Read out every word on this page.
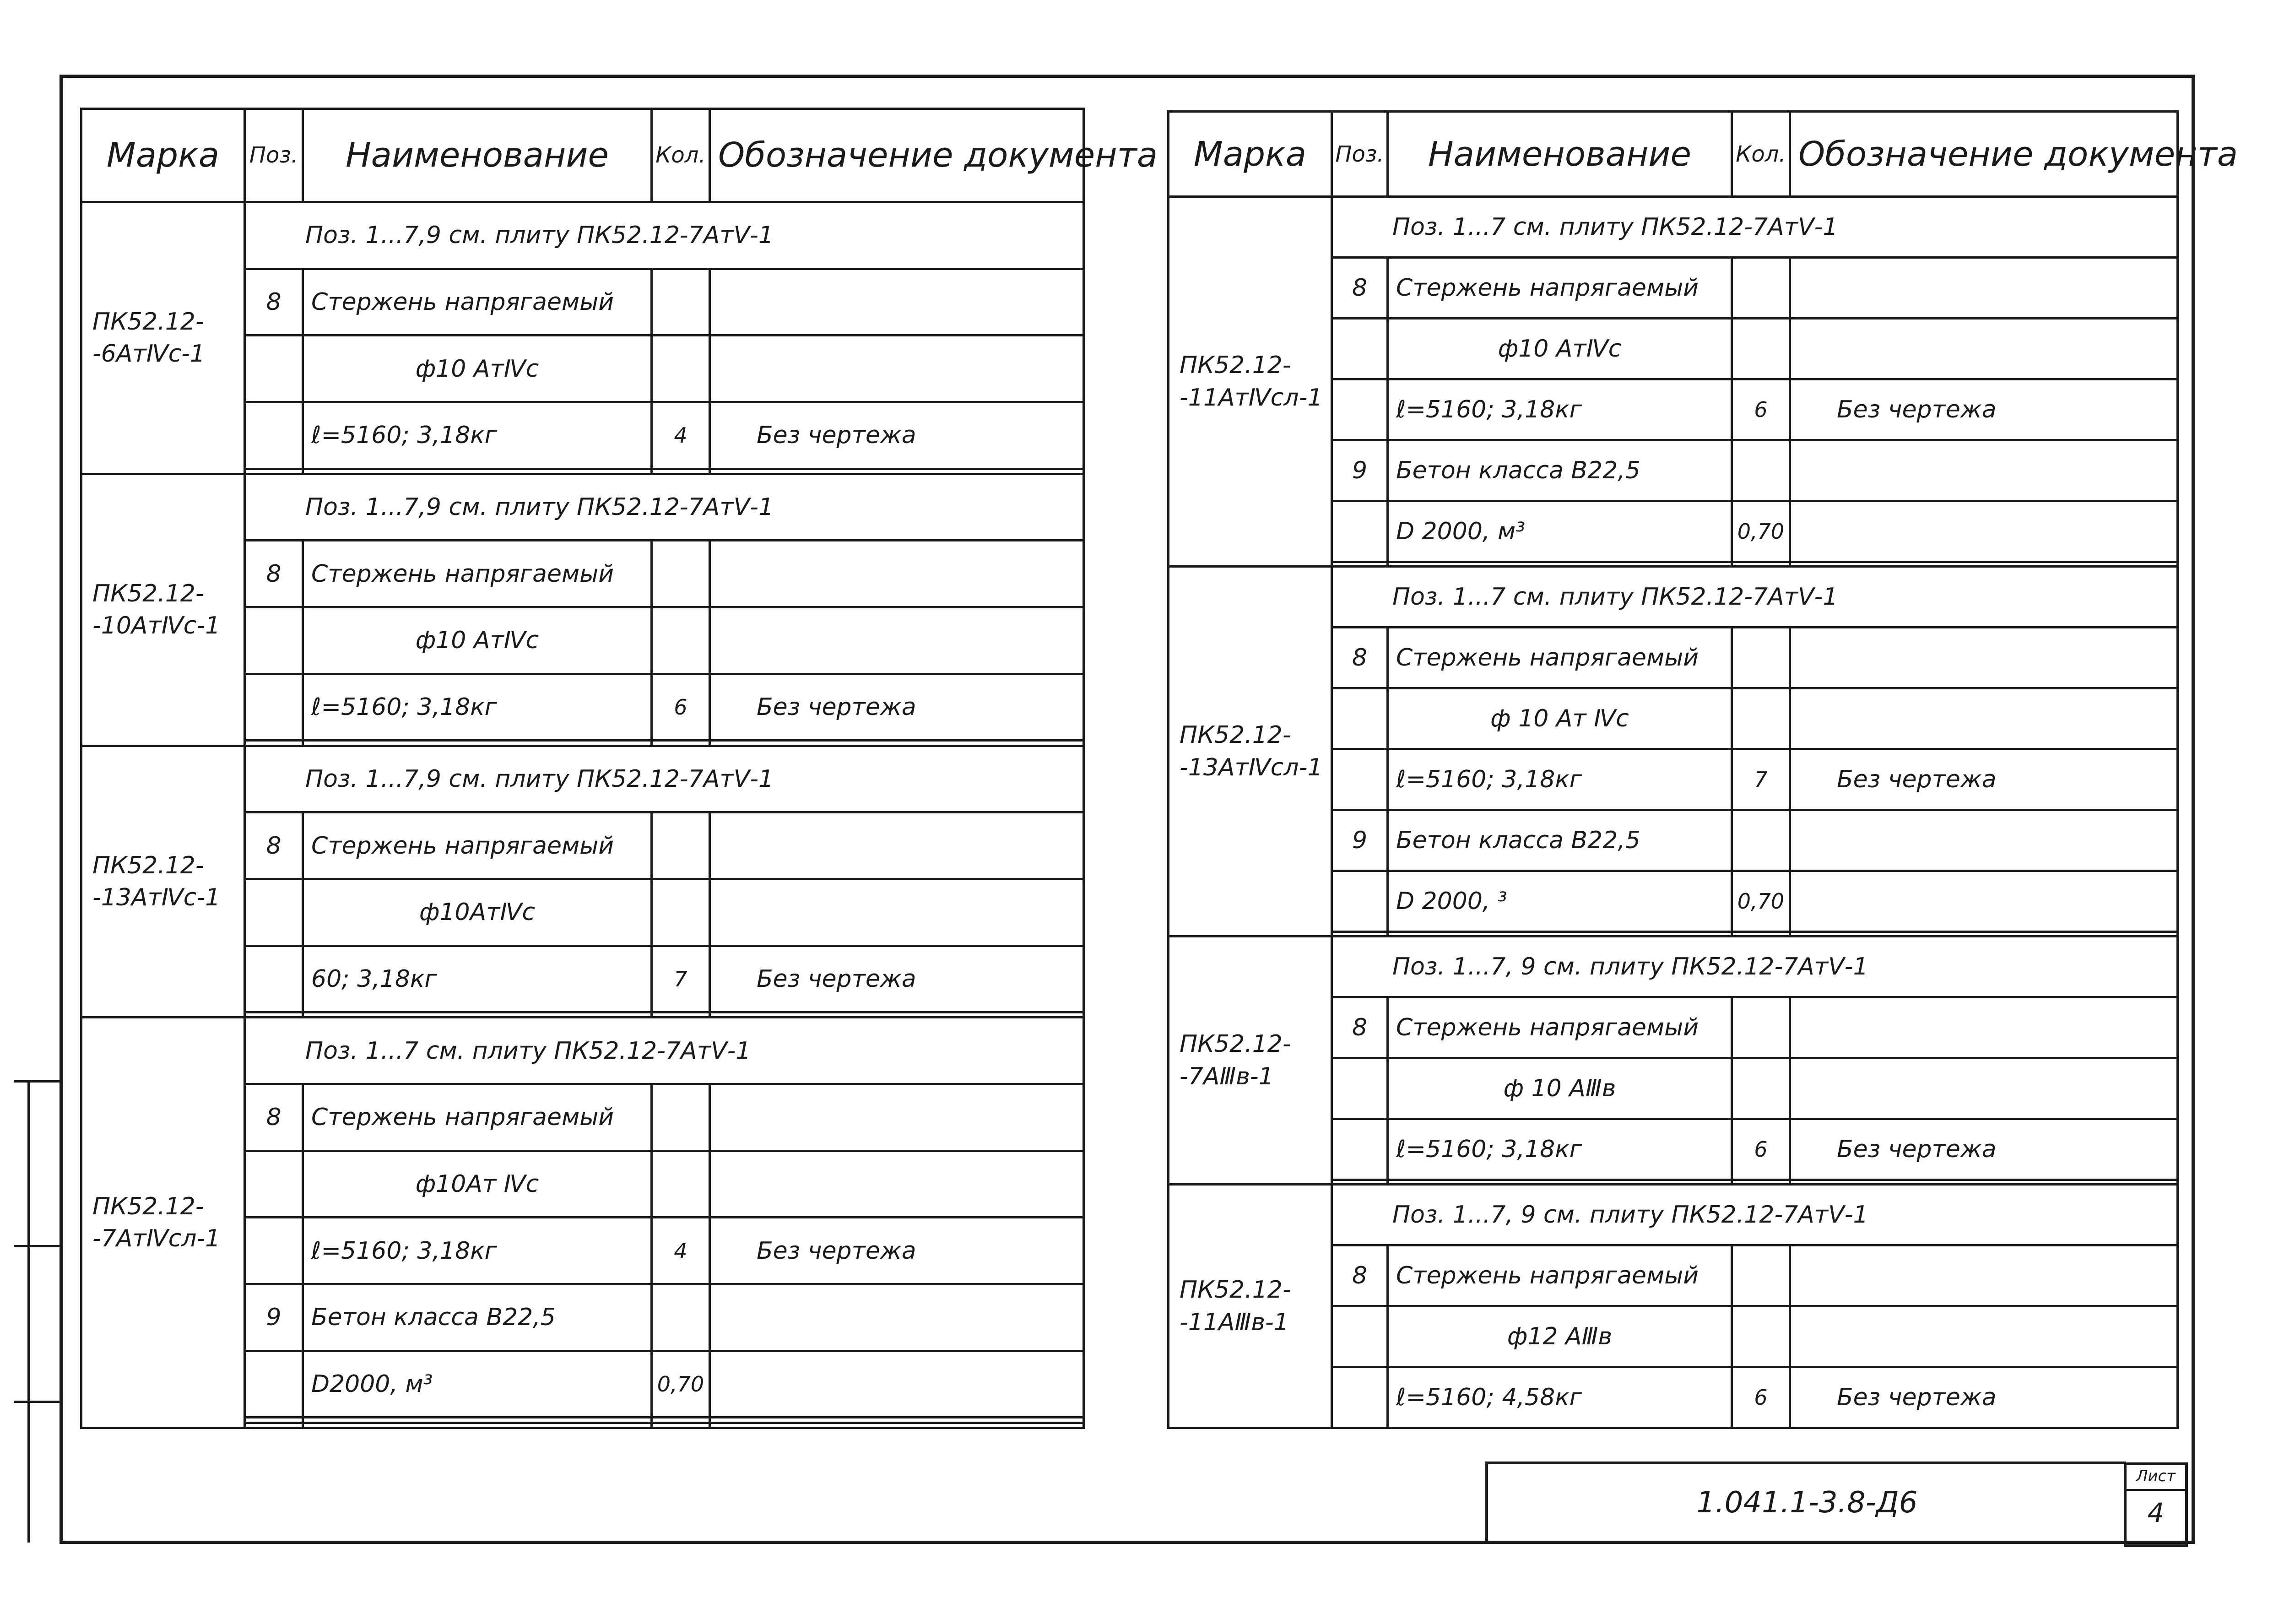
Марка	Поз.	Наименование	Кол.	Обозначение документа
ПК52.12-
-6АтⅣс-1	Поз. 1...7,9 см. плиту ПК52.12-7АтⅤ-1			
	8	Стержень напрягаемый		
		ф10 АтⅣс		
		ℓ=5160; 3,18кг	4	Без чертежа

ПК52.12-
-10АтⅣс-1	Поз. 1...7,9 см. плиту ПК52.12-7АтⅤ-1			
	8	Стержень напрягаемый		
		ф10 АтⅣс		
		ℓ=5160; 3,18кг	6	Без чертежа

ПК52.12-
-13АтⅣс-1	Поз. 1...7,9 см. плиту ПК52.12-7АтⅤ-1			
	8	Стержень напрягаемый		
		ф10АтⅣс		
		60; 3,18кг	7	Без чертежа

ПК52.12-
-7АтⅣсл-1	Поз. 1...7 см. плиту ПК52.12-7АтⅤ-1			
	8	Стержень напрягаемый		
		ф10Ат Ⅳс		
		ℓ=5160; 3,18кг	4	Без чертежа
	9	Бетон класса В22,5		
		D2000, м³	0,70	

Марка	Поз.	Наименование	Кол.	Обозначение документа
ПК52.12-
-11АтⅣсл-1	Поз. 1...7 см. плиту ПК52.12-7АтⅤ-1			
	8	Стержень напрягаемый		
		ф10 АтⅣс		
		ℓ=5160; 3,18кг	6	Без чертежа
	9	Бетон класса В22,5		
		D 2000, м³	0,70	

ПК52.12-
-13АтⅣсл-1	Поз. 1...7 см. плиту ПК52.12-7АтⅤ-1			
	8	Стержень напрягаемый		
		ф 10 Ат Ⅳс		
		ℓ=5160; 3,18кг	7	Без чертежа
	9	Бетон класса В22,5		
		D 2000, ³	0,70	

ПК52.12-
-7АⅢв-1	Поз. 1...7, 9 см. плиту ПК52.12-7АтⅤ-1			
	8	Стержень напрягаемый		
		ф 10 АⅢв		
		ℓ=5160; 3,18кг	6	Без чертежа

ПК52.12-
-11АⅢв-1	Поз. 1...7, 9 см. плиту ПК52.12-7АтⅤ-1			
	8	Стержень напрягаемый		
		ф12 АⅢв		
		ℓ=5160; 4,58кг	6	Без чертежа
1.041.1-3.8-Д6
Лист
4
